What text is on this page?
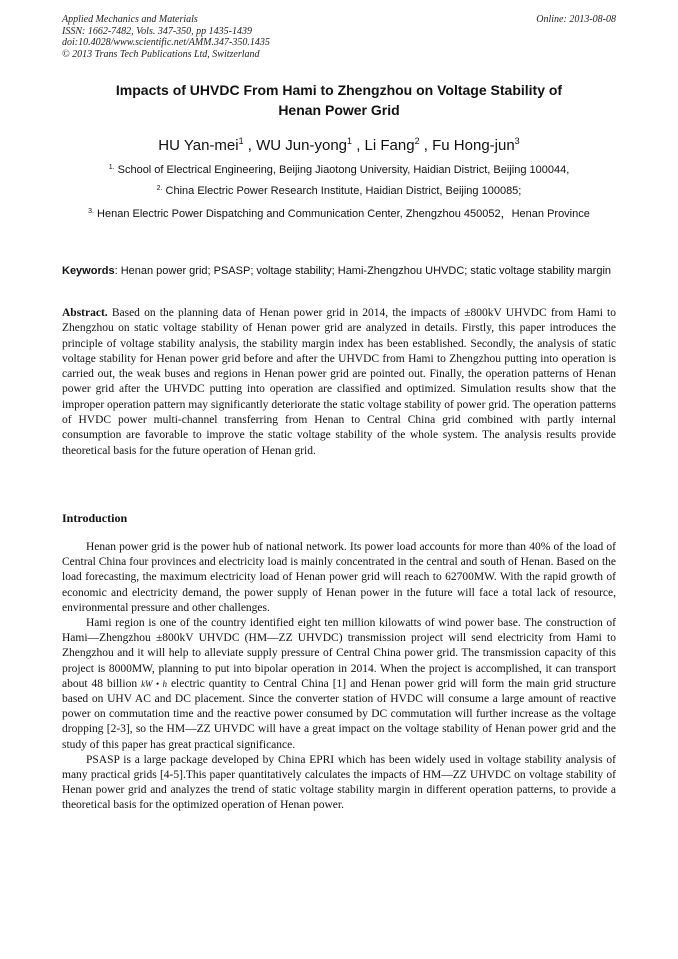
Applied Mechanics and Materials
ISSN: 1662-7482, Vols. 347-350, pp 1435-1439
doi:10.4028/www.scientific.net/AMM.347-350.1435
© 2013 Trans Tech Publications Ltd, Switzerland
Online: 2013-08-08
Impacts of UHVDC From Hami to Zhengzhou on Voltage Stability of
Henan Power Grid
HU Yan-mei$^1$ , WU Jun-yong$^1$ , Li Fang$^2$ , Fu Hong-jun$^3$
$^{1.}$ School of Electrical Engineering, Beijing Jiaotong University, Haidian District, Beijing 100044,
$^{2.}$ China Electric Power Research Institute, Haidian District, Beijing 100085;
$^{3.}$ Henan Electric Power Dispatching and Communication Center, Zhengzhou 450052，Henan Province
Keywords: Henan power grid; PSASP; voltage stability; Hami-Zhengzhou UHVDC; static voltage stability margin
Abstract. Based on the planning data of Henan power grid in 2014, the impacts of ±800kV UHVDC from Hami to Zhengzhou on static voltage stability of Henan power grid are analyzed in details. Firstly, this paper introduces the principle of voltage stability analysis, the stability margin index has been established. Secondly, the analysis of static voltage stability for Henan power grid before and after the UHVDC from Hami to Zhengzhou putting into operation is carried out, the weak buses and regions in Henan power grid are pointed out. Finally, the operation patterns of Henan power grid after the UHVDC putting into operation are classified and optimized. Simulation results show that the improper operation pattern may significantly deteriorate the static voltage stability of power grid. The operation patterns of HVDC power multi-channel transferring from Henan to Central China grid combined with partly internal consumption are favorable to improve the static voltage stability of the whole system. The analysis results provide theoretical basis for the future operation of Henan grid.
Introduction

Henan power grid is the power hub of national network. Its power load accounts for more than 40% of the load of Central China four provinces and electricity load is mainly concentrated in the central and south of Henan. Based on the load forecasting, the maximum electricity load of Henan power grid will reach to 62700MW. With the rapid growth of economic and electricity demand, the power supply of Henan power in the future will face a total lack of resource, environmental pressure and other challenges.

Hami region is one of the country identified eight ten million kilowatts of wind power base. The construction of Hami—Zhengzhou ±800kV UHVDC (HM—ZZ UHVDC) transmission project will send electricity from Hami to Zhengzhou and it will help to alleviate supply pressure of Central China power grid. The transmission capacity of this project is 8000MW, planning to put into bipolar operation in 2014. When the project is accomplished, it can transport about 48 billion kW • h electric quantity to Central China [1] and Henan power grid will form the main grid structure based on UHV AC and DC placement. Since the converter station of HVDC will consume a large amount of reactive power on commutation time and the reactive power consumed by DC commutation will further increase as the voltage dropping [2-3], so the HM—ZZ UHVDC will have a great impact on the voltage stability of Henan power grid and the study of this paper has great practical significance.

PSASP is a large package developed by China EPRI which has been widely used in voltage stability analysis of many practical grids [4-5].This paper quantitatively calculates the impacts of HM—ZZ UHVDC on voltage stability of Henan power grid and analyzes the trend of static voltage stability margin in different operation patterns, to provide a theoretical basis for the optimized operation of Henan power.
